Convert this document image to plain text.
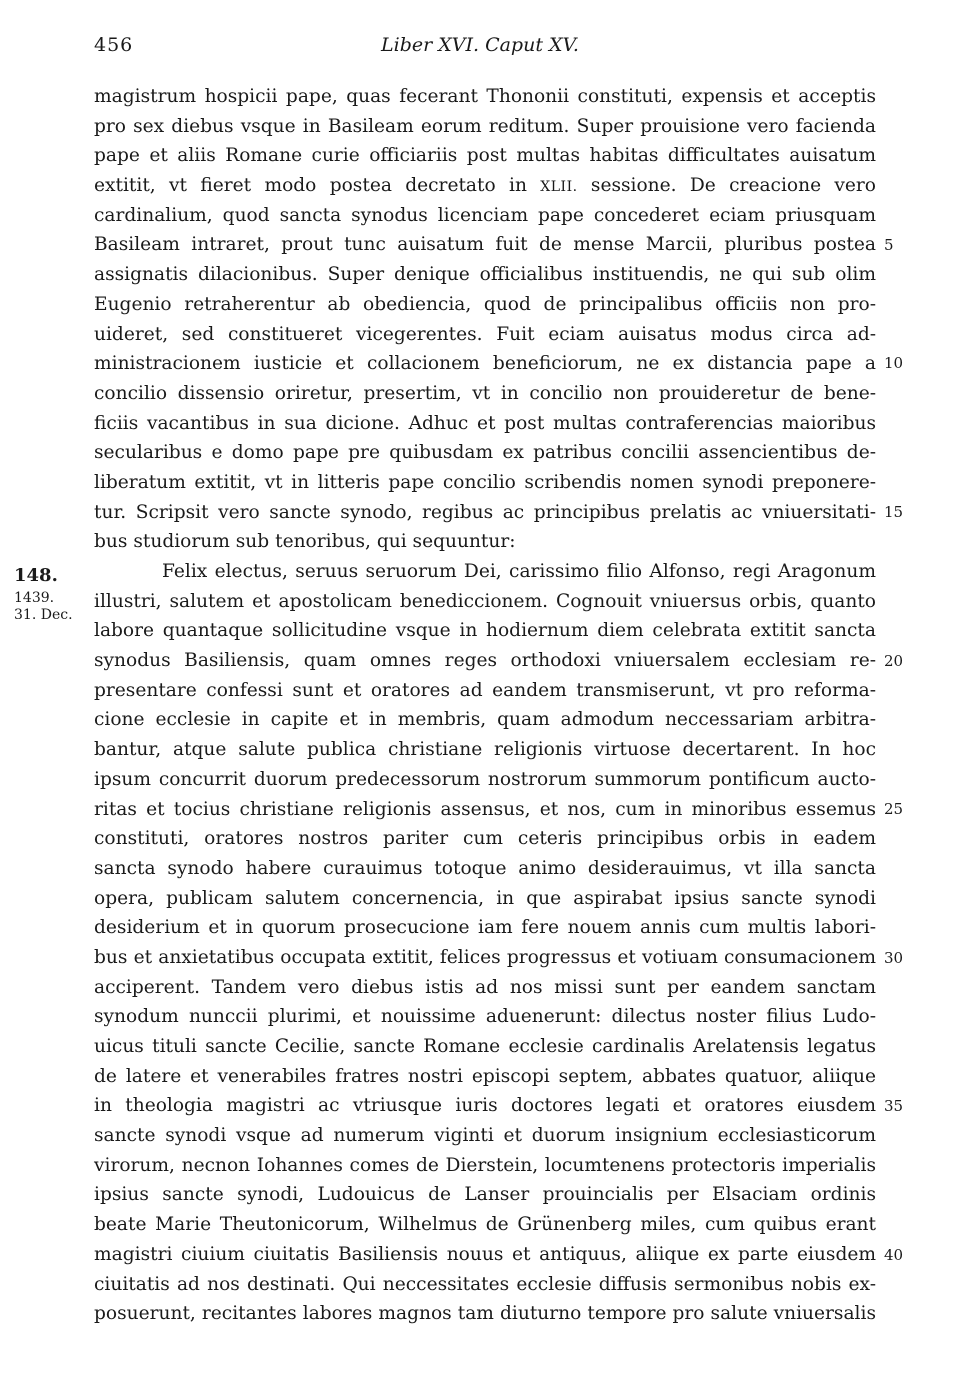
456	Liber XVI. Caput XV.
148.
1439.
31. Dec.
magistrum hospicii pape, quas fecerant Thononii constituti, expensis et acceptis
pro sex diebus vsque in Basileam eorum reditum. Super prouisione vero facienda
pape et aliis Romane curie officiariis post multas habitas difficultates auisatum
extitit, vt fieret modo postea decretato in XLII. sessione. De creacione vero
cardinalium, quod sancta synodus licenciam pape concederet eciam priusquam
Basileam intraret, prout tunc auisatum fuit de mense Marcii, pluribus postea
assignatis dilacionibus. Super denique officialibus instituendis, ne qui sub olim
Eugenio retraherentur ab obediencia, quod de principalibus officiis non pro-
uideret, sed constitueret vicegerentes. Fuit eciam auisatus modus circa ad-
ministracionem iusticie et collacionem beneficiorum, ne ex distancia pape a
concilio dissensio oriretur, presertim, vt in concilio non prouideretur de bene-
ficiis vacantibus in sua dicione. Adhuc et post multas contraferencias maioribus
secularibus e domo pape pre quibusdam ex patribus concilii assencientibus de-
liberatum extitit, vt in litteris pape concilio scribendis nomen synodi preponere-
tur. Scripsit vero sancte synodo, regibus ac principibus prelatis ac vniuersitati-
bus studiorum sub tenoribus, qui sequuntur:
Felix electus, seruus seruorum Dei, carissimo filio Alfonso, regi Aragonum
illustri, salutem et apostolicam benediccionem. Cognouit vniuersus orbis, quanto
labore quantaque sollicitudine vsque in hodiernum diem celebrata extitit sancta
synodus Basiliensis, quam omnes reges orthodoxi vniuersalem ecclesiam re-
presentare confessi sunt et oratores ad eandem transmiserunt, vt pro reforma-
cione ecclesie in capite et in membris, quam admodum neccessariam arbitra-
bantur, atque salute publica christiane religionis virtuose decertarent. In hoc
ipsum concurrit duorum predecessorum nostrorum summorum pontificum aucto-
ritas et tocius christiane religionis assensus, et nos, cum in minoribus essemus
constituti, oratores nostros pariter cum ceteris principibus orbis in eadem
sancta synodo habere curauimus totoque animo desiderauimus, vt illa sancta
opera, publicam salutem concernencia, in que aspirabat ipsius sancte synodi
desiderium et in quorum prosecucione iam fere nouem annis cum multis labori-
bus et anxietatibus occupata extitit, felices progressus et votiuam consumacionem
acciperent. Tandem vero diebus istis ad nos missi sunt per eandem sanctam
synodum nunccii plurimi, et nouissime aduenerunt: dilectus noster filius Ludo-
uicus tituli sancte Cecilie, sancte Romane ecclesie cardinalis Arelatensis legatus
de latere et venerabiles fratres nostri episcopi septem, abbates quatuor, aliique
in theologia magistri ac vtriusque iuris doctores legati et oratores eiusdem
sancte synodi vsque ad numerum viginti et duorum insignium ecclesiasticorum
virorum, necnon Iohannes comes de Dierstein, locumtenens protectoris imperialis
ipsius sancte synodi, Ludouicus de Lanser prouincialis per Elsaciam ordinis
beate Marie Theutonicorum, Wilhelmus de Grünenberg miles, cum quibus erant
magistri ciuium ciuitatis Basiliensis nouus et antiquus, aliique ex parte eiusdem
ciuitatis ad nos destinati. Qui neccessitates ecclesie diffusis sermonibus nobis ex-
posuerunt, recitantes labores magnos tam diuturno tempore pro salute vniuersalis
5
10
15
20
25
30
35
40
